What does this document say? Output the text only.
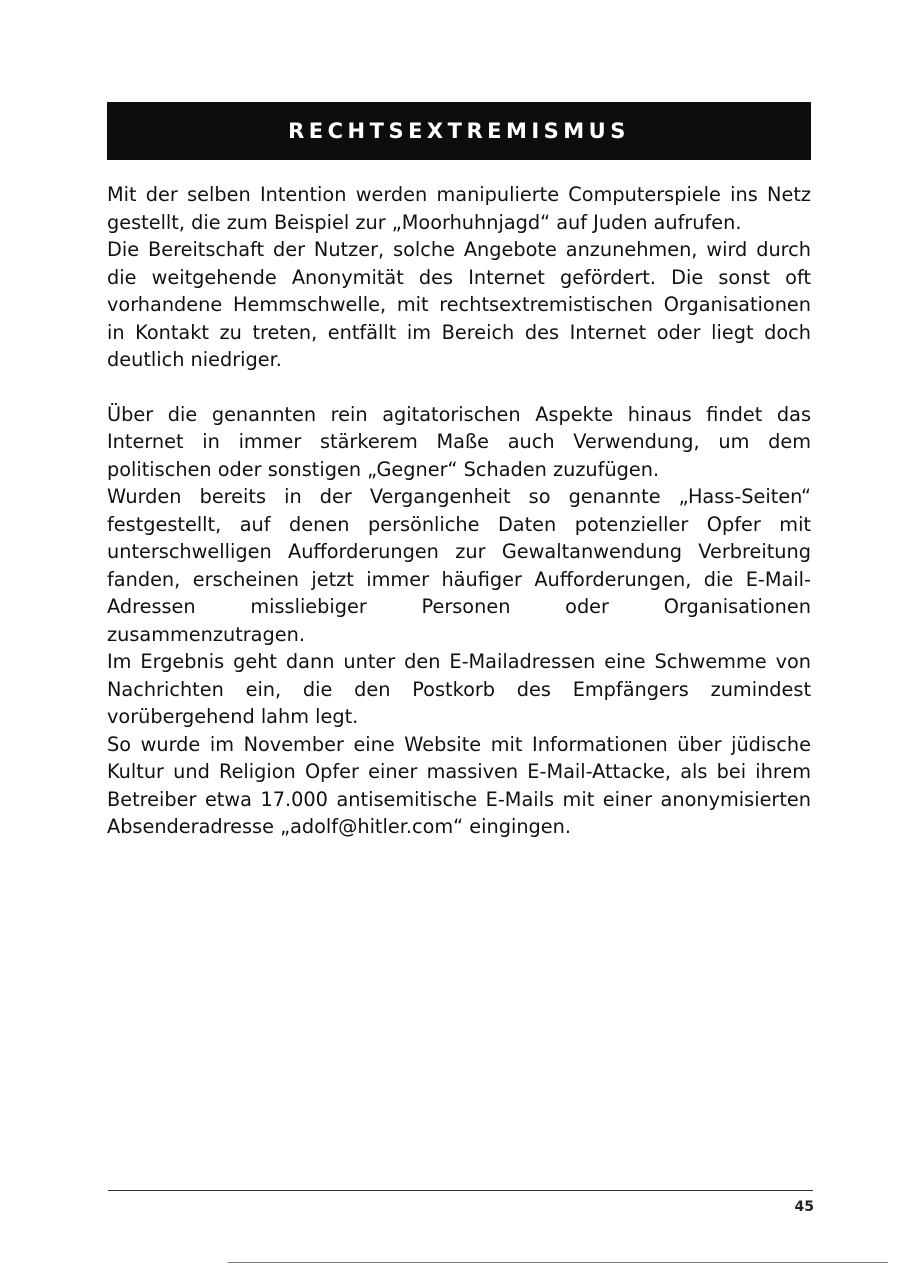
RECHTSEXTREMISMUS

Mit der selben Intention werden manipulierte Computerspiele ins Netz gestellt, die zum Beispiel zur „Moorhuhnjagd“ auf Juden aufrufen.

Die Bereitschaft der Nutzer, solche Angebote anzunehmen, wird durch die weitgehende Anonymität des Internet gefördert. Die sonst oft vorhandene Hemmschwelle, mit rechtsextremistischen Organisationen in Kontakt zu treten, entfällt im Bereich des Internet oder liegt doch deutlich niedriger.

Über die genannten rein agitatorischen Aspekte hinaus findet das Internet in immer stärkerem Maße auch Verwendung, um dem politischen oder sonstigen „Gegner“ Schaden zuzufügen.

Wurden bereits in der Vergangenheit so genannte „Hass-Seiten“ festgestellt, auf denen persönliche Daten potenzieller Opfer mit unterschwelligen Aufforderungen zur Gewaltanwendung Verbreitung fanden, erscheinen jetzt immer häufiger Aufforderungen, die E-Mail-Adressen missliebiger Personen oder Organisationen zusammenzutragen.

Im Ergebnis geht dann unter den E-Mailadressen eine Schwemme von Nachrichten ein, die den Postkorb des Empfängers zumindest vorübergehend lahm legt.

So wurde im November eine Website mit Informationen über jüdische Kultur und Religion Opfer einer massiven E-Mail-Attacke, als bei ihrem Betreiber etwa 17.000 antisemitische E-Mails mit einer anonymisierten Absenderadresse „adolf@hitler.com“ eingingen.

45
